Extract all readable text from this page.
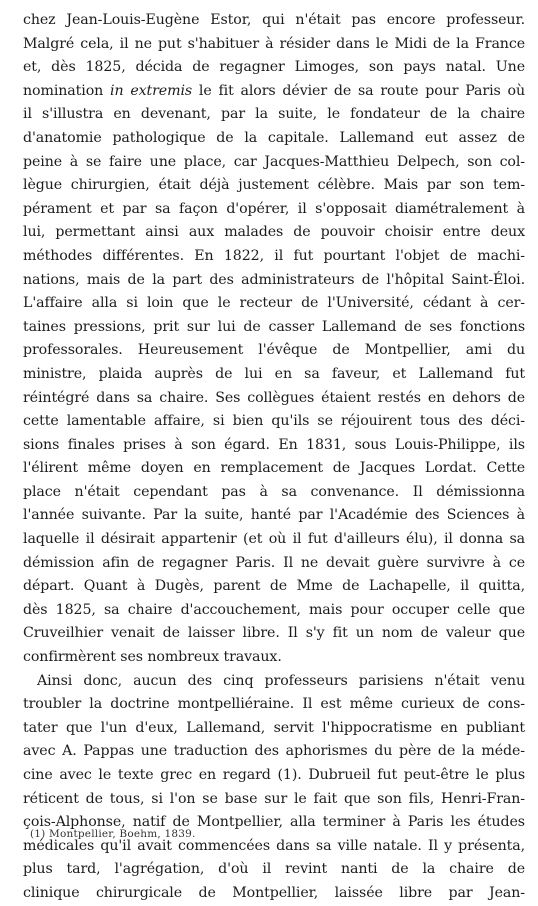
chez Jean-Louis-Eugène Estor, qui n'était pas encore professeur.
Malgré cela, il ne put s'habituer à résider dans le Midi de la France
et, dès 1825, décida de regagner Limoges, son pays natal. Une
nomination in extremis le fit alors dévier de sa route pour Paris où
il s'illustra en devenant, par la suite, le fondateur de la chaire
d'anatomie pathologique de la capitale. Lallemand eut assez de
peine à se faire une place, car Jacques-Matthieu Delpech, son col-
lègue chirurgien, était déjà justement célèbre. Mais par son tem-
pérament et par sa façon d'opérer, il s'opposait diamétralement à
lui, permettant ainsi aux malades de pouvoir choisir entre deux
méthodes différentes. En 1822, il fut pourtant l'objet de machi-
nations, mais de la part des administrateurs de l'hôpital Saint-Éloi.
L'affaire alla si loin que le recteur de l'Université, cédant à cer-
taines pressions, prit sur lui de casser Lallemand de ses fonctions
professorales. Heureusement l'évêque de Montpellier, ami du
ministre, plaida auprès de lui en sa faveur, et Lallemand fut
réintégré dans sa chaire. Ses collègues étaient restés en dehors de
cette lamentable affaire, si bien qu'ils se réjouirent tous des déci-
sions finales prises à son égard. En 1831, sous Louis-Philippe, ils
l'élirent même doyen en remplacement de Jacques Lordat. Cette
place n'était cependant pas à sa convenance. Il démissionna
l'année suivante. Par la suite, hanté par l'Académie des Sciences à
laquelle il désirait appartenir (et où il fut d'ailleurs élu), il donna sa
démission afin de regagner Paris. Il ne devait guère survivre à ce
départ. Quant à Dugès, parent de Mme de Lachapelle, il quitta,
dès 1825, sa chaire d'accouchement, mais pour occuper celle que
Cruveilhier venait de laisser libre. Il s'y fit un nom de valeur que
confirmèrent ses nombreux travaux.
Ainsi donc, aucun des cinq professeurs parisiens n'était venu
troubler la doctrine montpelliéraine. Il est même curieux de cons-
tater que l'un d'eux, Lallemand, servit l'hippocratisme en publiant
avec A. Pappas une traduction des aphorismes du père de la méde-
cine avec le texte grec en regard (1). Dubrueil fut peut-être le plus
réticent de tous, si l'on se base sur le fait que son fils, Henri-Fran-
çois-Alphonse, natif de Montpellier, alla terminer à Paris les études
médicales qu'il avait commencées dans sa ville natale. Il y présenta,
plus tard, l'agrégation, d'où il revint nanti de la chaire de
clinique chirurgicale de Montpellier, laissée libre par Jean-
(1) Montpellier, Boehm, 1839.
